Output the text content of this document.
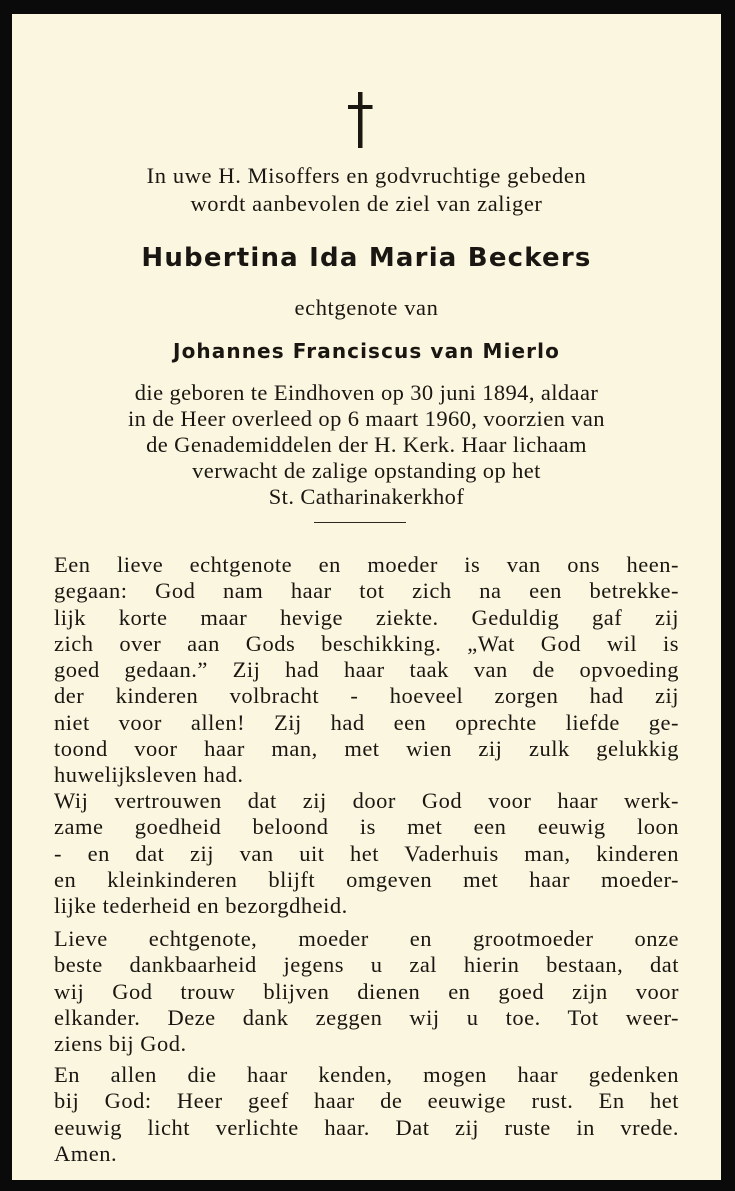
In uwe H. Misoffers en godvruchtige gebeden
wordt aanbevolen de ziel van zaliger
Hubertina Ida Maria Beckers
echtgenote van
Johannes Franciscus van Mierlo
die geboren te Eindhoven op 30 juni 1894, aldaar
in de Heer overleed op 6 maart 1960, voorzien van
de Genademiddelen der H. Kerk. Haar lichaam
verwacht de zalige opstanding op het
St. Catharinakerkhof
Een lieve echtgenote en moeder is van ons heen-
gegaan: God nam haar tot zich na een betrekke-
lijk korte maar hevige ziekte. Geduldig gaf zij
zich over aan Gods beschikking. „Wat God wil is
goed gedaan.” Zij had haar taak van de opvoeding
der kinderen volbracht - hoeveel zorgen had zij
niet voor allen! Zij had een oprechte liefde ge-
toond voor haar man, met wien zij zulk gelukkig
huwelijksleven had.
Wij vertrouwen dat zij door God voor haar werk-
zame goedheid beloond is met een eeuwig loon
- en dat zij van uit het Vaderhuis man, kinderen
en kleinkinderen blijft omgeven met haar moeder-
lijke tederheid en bezorgdheid.
Lieve echtgenote, moeder en grootmoeder onze
beste dankbaarheid jegens u zal hierin bestaan, dat
wij God trouw blijven dienen en goed zijn voor
elkander. Deze dank zeggen wij u toe. Tot weer-
ziens bij God.
En allen die haar kenden, mogen haar gedenken
bij God: Heer geef haar de eeuwige rust. En het
eeuwig licht verlichte haar. Dat zij ruste in vrede.
Amen.
